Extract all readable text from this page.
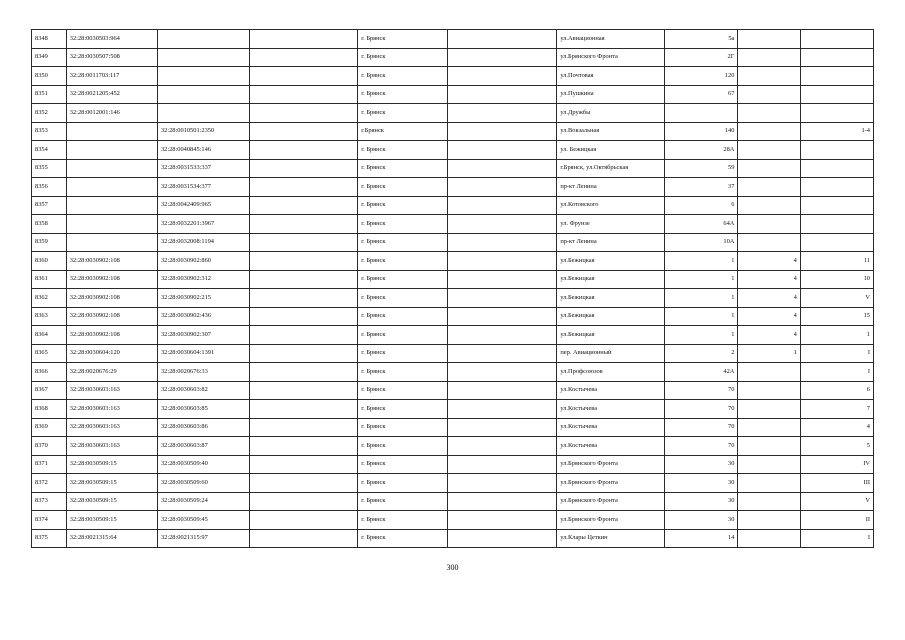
8348	32:28:0030503:964			г. Брянск		ул.Авиационная	5а		
8349	32:28:0030507:508			г. Брянск		ул.Брянского Фронта	2Г		
8350	32:28:0011703:117			г. Брянск		ул.Почтовая	120		
8351	32:28:0021205:452			г. Брянск		ул.Пушкина	67		
8352	32:28:0012001:146			г. Брянск		ул.Дружбы			
8353		32:28:0010501:2350		г.Брянск		ул.Вокзальная	140		1-4
8354		32:28:0040845:146		г. Брянск		ул. Бежицкая	28А		
8355		32:28:0031533:337		г. Брянск		г.Брянск, ул.Октябрьская	59		
8356		32:28:0031534:377		г. Брянск		пр-кт Ленина	37		
8357		32:28:0042409:965		г. Брянск		ул.Котовского	6		
8358		32:28:0032201:3967		г. Брянск		ул. Фрунзе	64А		
8359		32:28:0032008:1194		г. Брянск		пр-кт Ленина	10А		
8360	32:28:0030902:108	32:28:0030902:860		г. Брянск		ул.Бежицкая	1	4	11
8361	32:28:0030902:108	32:28:0030902:312		г. Брянск		ул.Бежицкая	1	4	10
8362	32:28:0030902:108	32:28:0030902:215		г. Брянск		ул.Бежицкая	1	4	V
8363	32:28:0030902:108	32:28:0030902:436		г. Брянск		ул.Бежицкая	1	4	15
8364	32:28:0030902:108	32:28:0030902:307		г. Брянск		ул.Бежицкая	1	4	1
8365	32:28:0030604:120	32:28:0030604:1391		г. Брянск		пер. Авиационный	2	1	I
8366	32:28:0020676:29	32:28:0020676:33		г. Брянск		ул.Профсоюзов	42А		I
8367	32:28:0030603:163	32:28:0030603:82		г. Брянск		ул.Костычева	70		6
8368	32:28:0030603:163	32:28:0030603:85		г. Брянск		ул.Костычева	70		7
8369	32:28:0030603:163	32:28:0030603:86		г. Брянск		ул.Костычева	70		4
8370	32:28:0030603:163	32:28:0030603:87		г. Брянск		ул.Костычева	70		5
8371	32:28:0030509:15	32:28:0030509:40		г. Брянск		ул.Брянского Фронта	30		IV
8372	32:28:0030509:15	32:28:0030509:60		г. Брянск		ул.Брянского Фронта	30		III
8373	32:28:0030509:15	32:28:0030509:24		г. Брянск		ул.Брянского Фронта	30		V
8374	32:28:0030509:15	32:28:0030509:45		г. Брянск		ул.Брянского Фронта	30		II
8375	32:28:0021315:64	32:28:0021315:97		г. Брянск		ул.Клары Цеткин	14		I
300
